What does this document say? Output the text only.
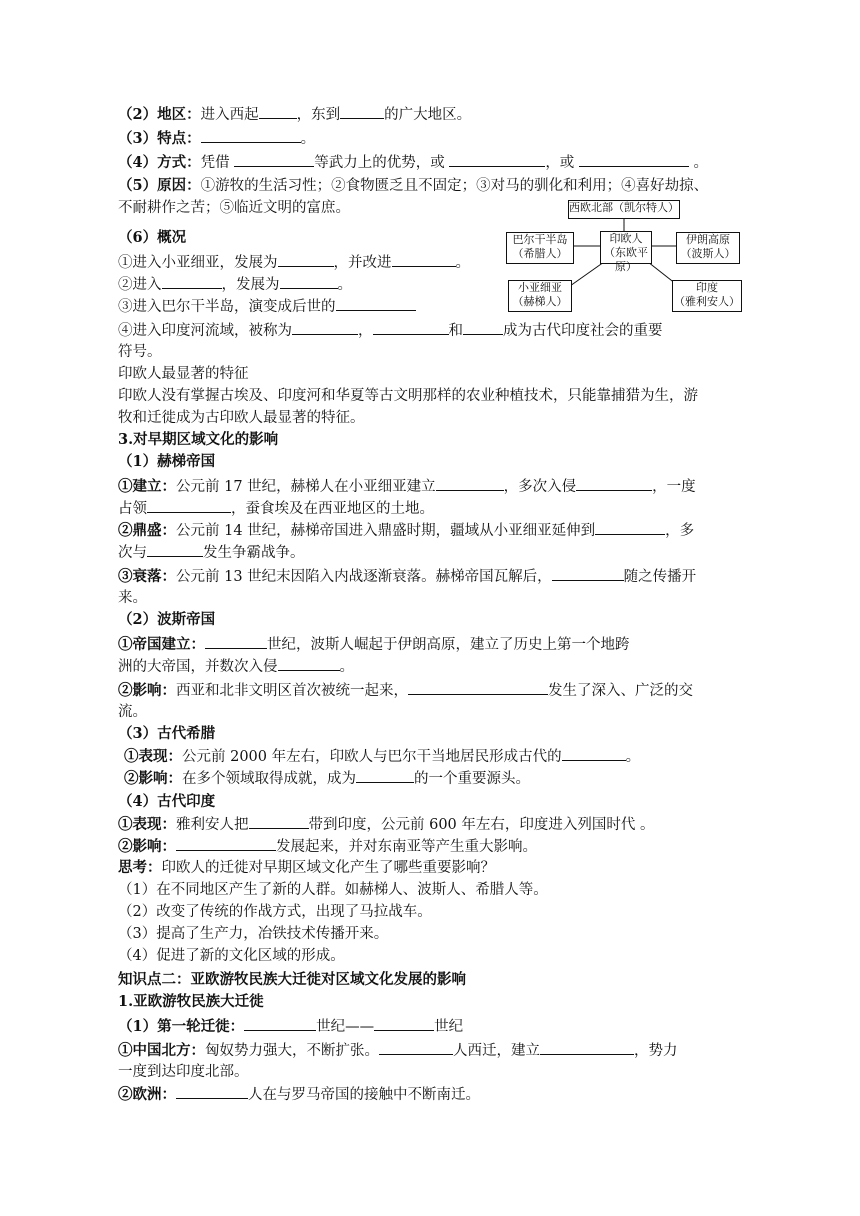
（2）地区：进入西起	，东到	的广大地区。
（3）特点：	。
（4）方式：凭借	等武力上的优势，或	，或	。
（5）原因：①游牧的生活习性；②食物匮乏且不固定；③对马的驯化和利用；④喜好劫掠、
不耐耕作之苦；⑤临近文明的富庶。
（6）概况
①进入小亚细亚，发展为	，并改进	。
②进入	，发展为	。
③进入巴尔干半岛，演变成后世的
④进入印度河流域，被称为	，	和	成为古代印度社会的重要
符号。
印欧人最显著的特征
印欧人没有掌握古埃及、印度河和华夏等古文明那样的农业种植技术，只能靠捕猎为生，游
牧和迁徙成为古印欧人最显著的特征。
3.对早期区域文化的影响
（1）赫梯帝国
①建立：公元前 17 世纪，赫梯人在小亚细亚建立	，多次入侵	，一度
占领	，蚕食埃及在西亚地区的土地。
②鼎盛：公元前 14 世纪，赫梯帝国进入鼎盛时期，疆域从小亚细亚延伸到	，多
次与	发生争霸战争。
③衰落：公元前 13 世纪末因陷入内战逐渐衰落。赫梯帝国瓦解后，	随之传播开
来。
（2）波斯帝国
①帝国建立：	世纪，波斯人崛起于伊朗高原，建立了历史上第一个地跨
洲的大帝国，并数次入侵	。
②影响：西亚和北非文明区首次被统一起来，	发生了深入、广泛的交
流。
（3）古代希腊
①表现：公元前 2000 年左右，印欧人与巴尔干当地居民形成古代的	。
②影响：在多个领域取得成就，成为	的一个重要源头。
（4）古代印度
①表现：雅利安人把	带到印度，公元前 600 年左右，印度进入列国时代 。
②影响：	发展起来，并对东南亚等产生重大影响。
思考：印欧人的迁徙对早期区域文化产生了哪些重要影响？
（1）在不同地区产生了新的人群。如赫梯人、波斯人、希腊人等。
（2）改变了传统的作战方式，出现了马拉战车。
（3）提高了生产力，冶铁技术传播开来。
（4）促进了新的文化区域的形成。
知识点二：亚欧游牧民族大迁徙对区域文化发展的影响
1.亚欧游牧民族大迁徙
（1）第一轮迁徙：	世纪——	世纪
①中国北方：匈奴势力强大，不断扩张。	人西迁，建立	，势力
一度到达印度北部。
②欧洲：	人在与罗马帝国的接触中不断南迁。
西欧北部（凯尔特人）
印欧人
（东欧平原）
巴尔干半岛
（希腊人）
伊朗高原
（波斯人）
小亚细亚
（赫梯人）
印度
（雅利安人）
